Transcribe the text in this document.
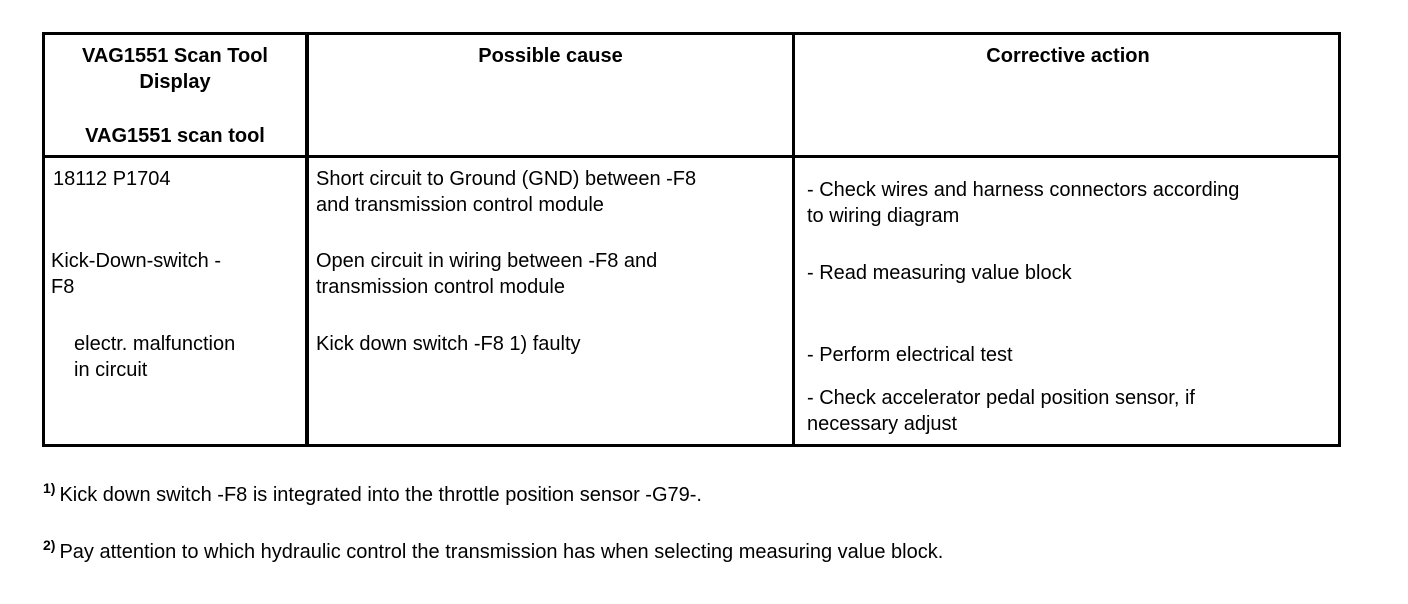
VAG1551 Scan Tool
Display
VAG1551 scan tool
Possible cause	Corrective action
18112 P1704
Kick-Down-switch -
F8
electr. malfunction
in circuit
Short circuit to Ground (GND) between -F8
and transmission control module
Open circuit in wiring between -F8 and
transmission control module
Kick down switch -F8 1) faulty
- Check wires and harness connectors according
to wiring diagram
- Read measuring value block
- Perform electrical test
- Check accelerator pedal position sensor, if
necessary adjust
$^{1)}$ Kick down switch -F8 is integrated into the throttle position sensor -G79-.
$^{2)}$ Pay attention to which hydraulic control the transmission has when selecting measuring value block.
